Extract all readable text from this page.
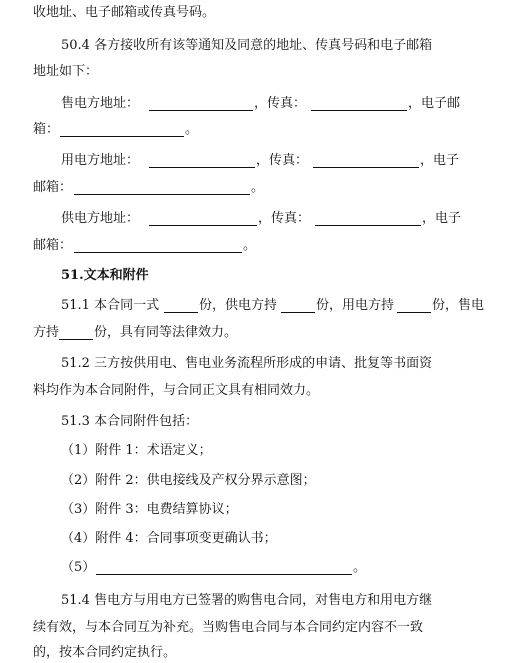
收地址、电子邮箱或传真号码。
50.4 各方接收所有该等通知及同意的地址、传真号码和电子邮箱
地址如下：
售电方地址：	，传真：	，电子邮
箱：	。
用电方地址：	，传真：	，电子
邮箱：	。
供电方地址：	，传真：	，电子
邮箱：	。
51.文本和附件
51.1 本合同一式	份，供电方持	份，用电方持	份，售电
方持	份，具有同等法律效力。
51.2 三方按供用电、售电业务流程所形成的申请、批复等书面资
料均作为本合同附件，与合同正文具有相同效力。
51.3 本合同附件包括：
（1）附件 1：术语定义；
（2）附件 2：供电接线及产权分界示意图；
（3）附件 3：电费结算协议；
（4）附件 4：合同事项变更确认书；
（5）	。
51.4 售电方与用电方已签署的购售电合同，对售电方和用电方继
续有效，与本合同互为补充。当购售电合同与本合同约定内容不一致
的，按本合同约定执行。
